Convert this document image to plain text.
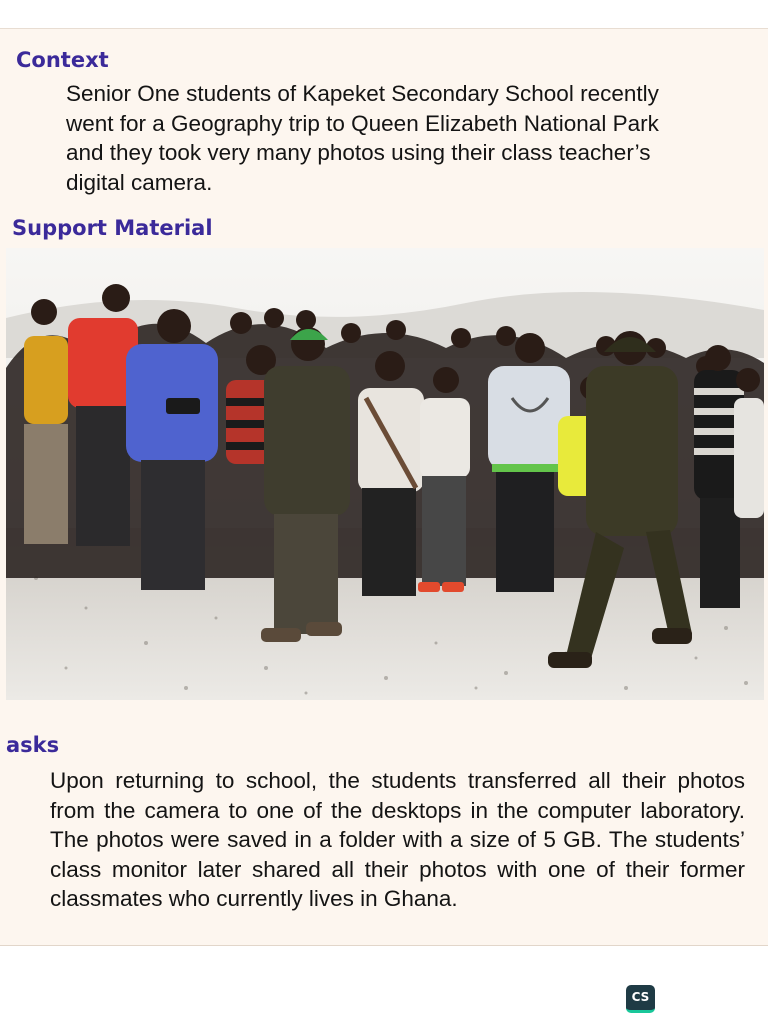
Context

Senior One students of Kapeket Secondary School recently
went for a Geography trip to Queen Elizabeth National Park
and they took very many photos using their class teacher’s
digital camera.

Support Material
asks

Upon returning to school, the students transferred all their photos from the camera to one of the desktops in the computer laboratory. The photos were saved in a folder with a size of 5 GB. The students’ class monitor later shared all their photos with one of their former classmates who currently lives in Ghana.

CS
